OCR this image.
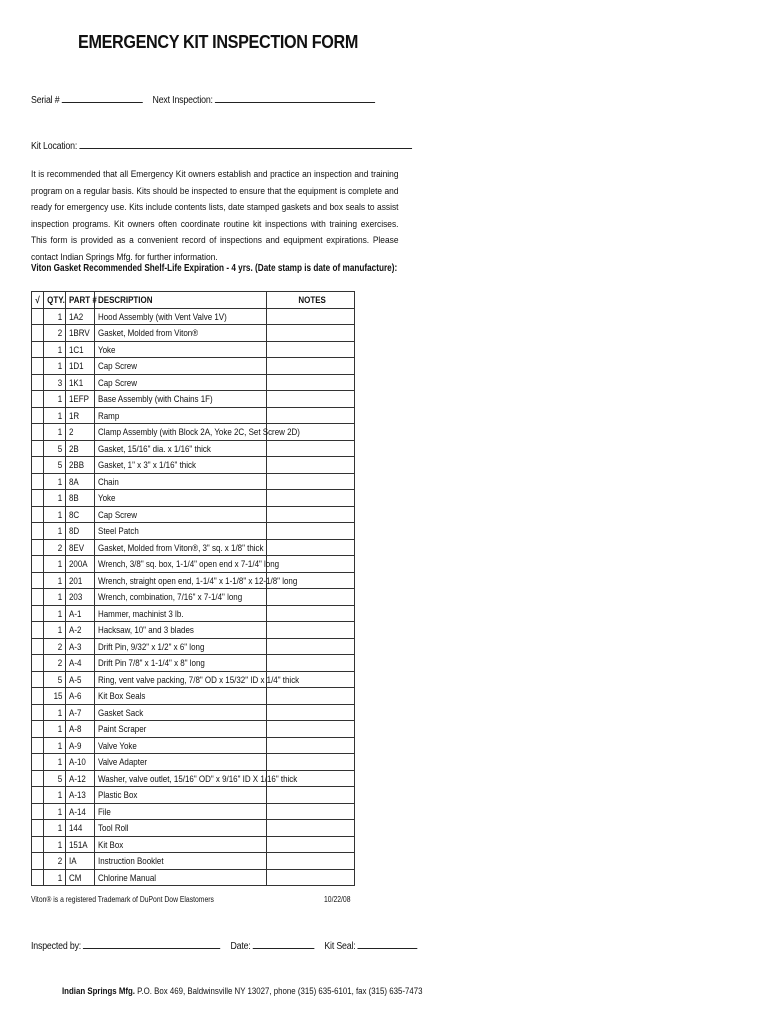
EMERGENCY KIT INSPECTION FORM
Serial #	Next Inspection:
Kit Location:
It is recommended that all Emergency Kit owners establish and practice an inspection and training program on a regular basis. Kits should be inspected to ensure that the equipment is complete and ready for emergency use. Kits include contents lists, date stamped gaskets and box seals to assist inspection programs. Kit owners often coordinate routine kit inspections with training exercises. This form is provided as a convenient record of inspections and equipment expirations. Please contact Indian Springs Mfg. for further information.
Viton Gasket Recommended Shelf-Life Expiration - 4 yrs. (Date stamp is date of manufacture):
√	QTY.	PART #	DESCRIPTION	NOTES
	1	1A2	Hood Assembly (with Vent Valve 1V)	
	2	1BRV	Gasket, Molded from Viton®	
	1	1C1	Yoke	
	1	1D1	Cap Screw	
	3	1K1	Cap Screw	
	1	1EFP	Base Assembly (with Chains 1F)	
	1	1R	Ramp	
	1	2	Clamp Assembly (with Block 2A, Yoke 2C, Set Screw 2D)	
	5	2B	Gasket, 15/16" dia. x 1/16" thick	
	5	2BB	Gasket, 1" x 3" x 1/16" thick	
	1	8A	Chain	
	1	8B	Yoke	
	1	8C	Cap Screw	
	1	8D	Steel Patch	
	2	8EV	Gasket, Molded from Viton®, 3" sq. x 1/8" thick	
	1	200A	Wrench, 3/8" sq. box, 1-1/4" open end x 7-1/4" long	
	1	201	Wrench, straight open end, 1-1/4" x 1-1/8" x 12-1/8" long	
	1	203	Wrench, combination, 7/16" x 7-1/4" long	
	1	A-1	Hammer, machinist 3 lb.	
	1	A-2	Hacksaw, 10" and 3 blades	
	2	A-3	Drift Pin, 9/32" x 1/2" x 6" long	
	2	A-4	Drift Pin 7/8" x 1-1/4" x 8" long	
	5	A-5	Ring, vent valve packing, 7/8" OD x 15/32" ID x 1/4" thick	
	15	A-6	Kit Box Seals	
	1	A-7	Gasket Sack	
	1	A-8	Paint Scraper	
	1	A-9	Valve Yoke	
	1	A-10	Valve Adapter	
	5	A-12	Washer, valve outlet, 15/16" OD" x 9/16" ID X 1/16" thick	
	1	A-13	Plastic Box	
	1	A-14	File	
	1	144	Tool Roll	
	1	151A	Kit Box	
	2	IA	Instruction Booklet	
	1	CM	Chlorine Manual	
Viton® is a registered Trademark of DuPont Dow Elastomers	10/22/08
Inspected by:	Date:	Kit Seal:
Indian Springs Mfg. P.O. Box 469, Baldwinsville NY 13027, phone (315) 635-6101, fax (315) 635-7473
